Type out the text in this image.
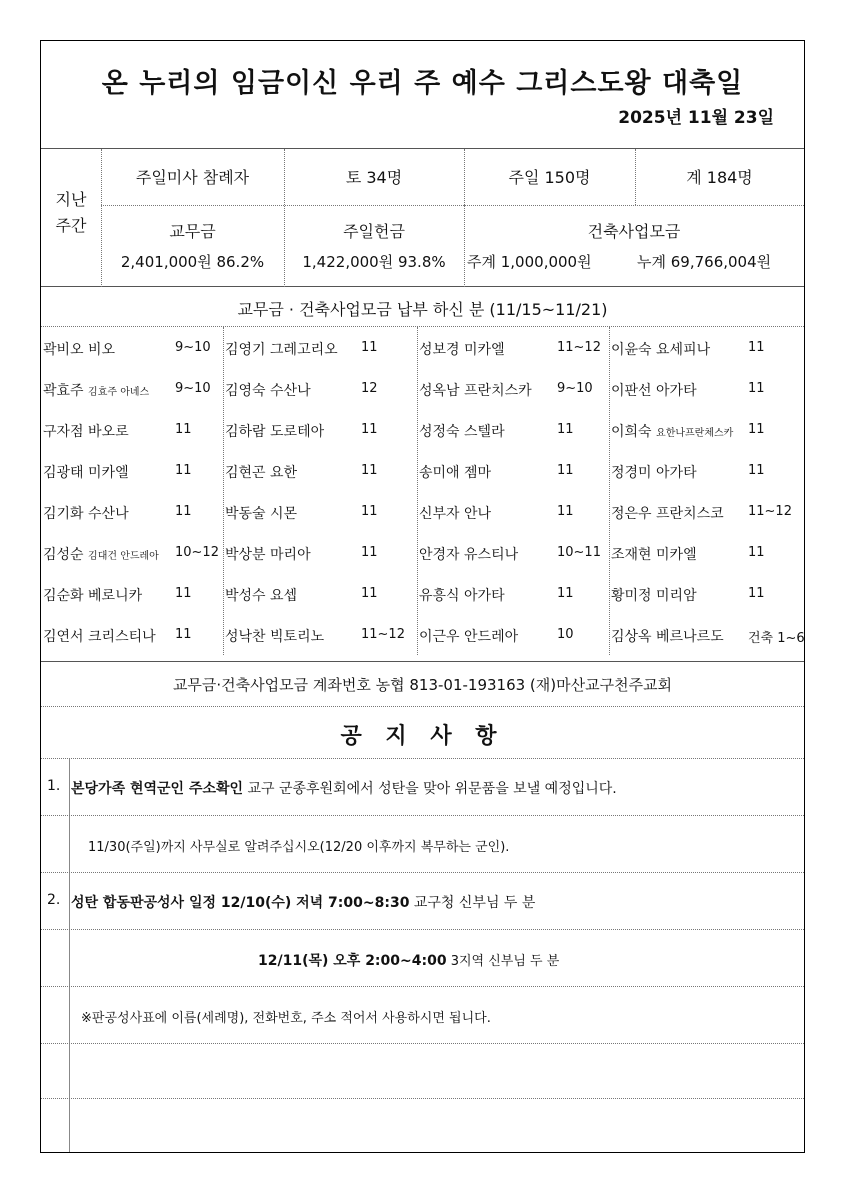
온 누리의 임금이신 우리 주 예수 그리스도왕 대축일
2025년 11월 23일
지난
주간
주일미사 참례자	토 34명	주일 150명	계 184명
교무금
2,401,000원 86.2%
주일헌금
1,422,000원 93.8%
건축사업모금
주계 1,000,000원	누계 69,766,004원
교무금 · 건축사업모금 납부 하신 분 (11/15~11/21)
곽비오 비오	9~10 김영기 그레고리오 11	성보경 미카엘	11~12 이윤숙 요세피나	11
곽효주 김효주 아녜스 9~10 김영숙 수산나	12	성옥남 프란치스카 9~10 이판선 아가타	11
구자점 바오로	11 김하람 도로테아	11	성정숙 스텔라	11	이희숙 요한나프란체스카 11
김광태 미카엘	11 김현곤 요한	11	송미애 젬마	11	정경미 아가타	11
김기화 수산나	11 박동술 시몬	11	신부자 안나	11	정은우 프란치스코 11~12
김성순 김대건 안드레아 10~12 박상분 마리아	11	안경자 유스티나	10~11 조재현 미카엘	11
김순화 베로니카	11 박성수 요셉	11	유흥식 아가타	11	황미정 미리암	11
김연서 크리스티나 11 성낙찬 빅토리노	11~12 이근우 안드레아	10	김상옥 베르나르도 건축 1~6
교무금·건축사업모금 계좌번호 농협 813-01-193163 (재)마산교구천주교회
공 지 사 항
1. 본당가족 현역군인 주소확인 교구 군종후원회에서 성탄을 맞아 위문품을 보낼 예정입니다.
11/30(주일)까지 사무실로 알려주십시오(12/20 이후까지 복무하는 군인).
2. 성탄 합동판공성사 일정 12/10(수) 저녁 7:00~8:30 교구청 신부님 두 분
12/11(목) 오후 2:00~4:00 3지역 신부님 두 분
※판공성사표에 이름(세례명), 전화번호, 주소 적어서 사용하시면 됩니다.
